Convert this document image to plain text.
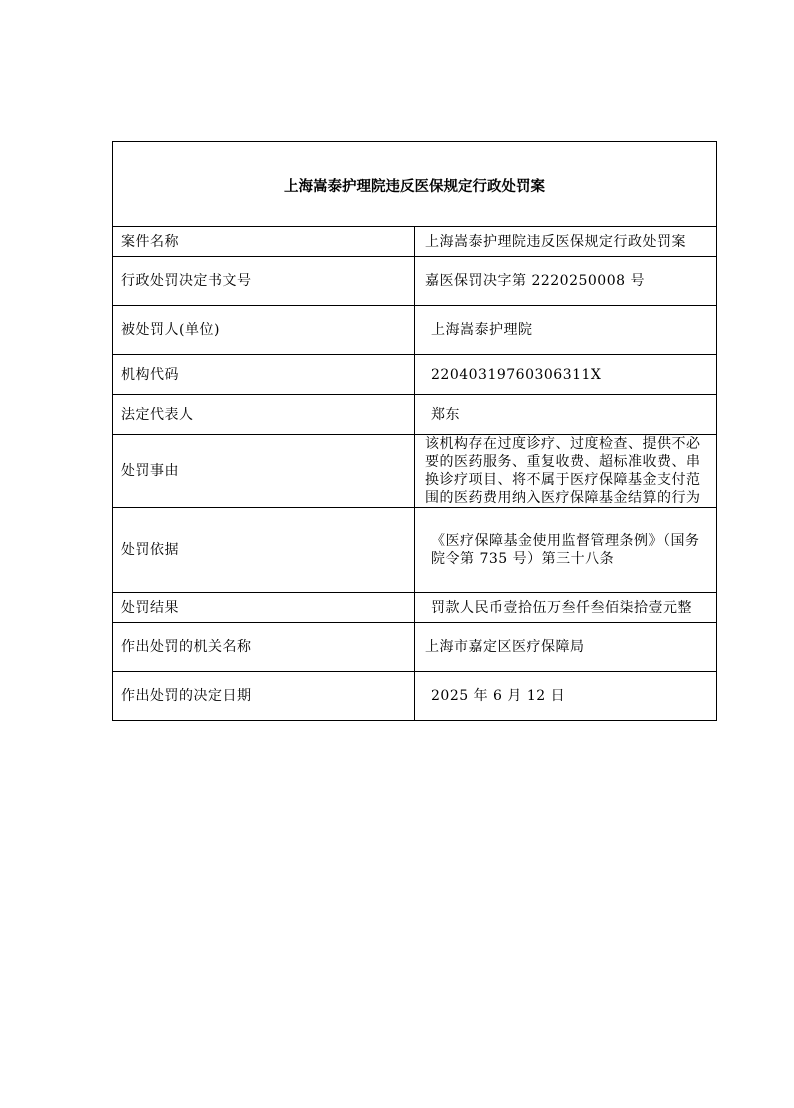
上海嵩泰护理院违反医保规定行政处罚案	
案件名称	上海嵩泰护理院违反医保规定行政处罚案
行政处罚决定书文号	嘉医保罚决字第 2220250008 号
被处罚人(单位)	上海嵩泰护理院
机构代码	22040319760306311X
法定代表人	郑东
处罚事由	该机构存在过度诊疗、过度检查、提供不必要的医药服务、重复收费、超标准收费、串换诊疗项目、将不属于医疗保障基金支付范围的医药费用纳入医疗保障基金结算的行为
处罚依据	《医疗保障基金使用监督管理条例》（国务院令第 735 号）第三十八条
处罚结果	罚款人民币壹拾伍万叁仟叁佰柒拾壹元整
作出处罚的机关名称	上海市嘉定区医疗保障局
作出处罚的决定日期	2025 年 6 月 12 日
